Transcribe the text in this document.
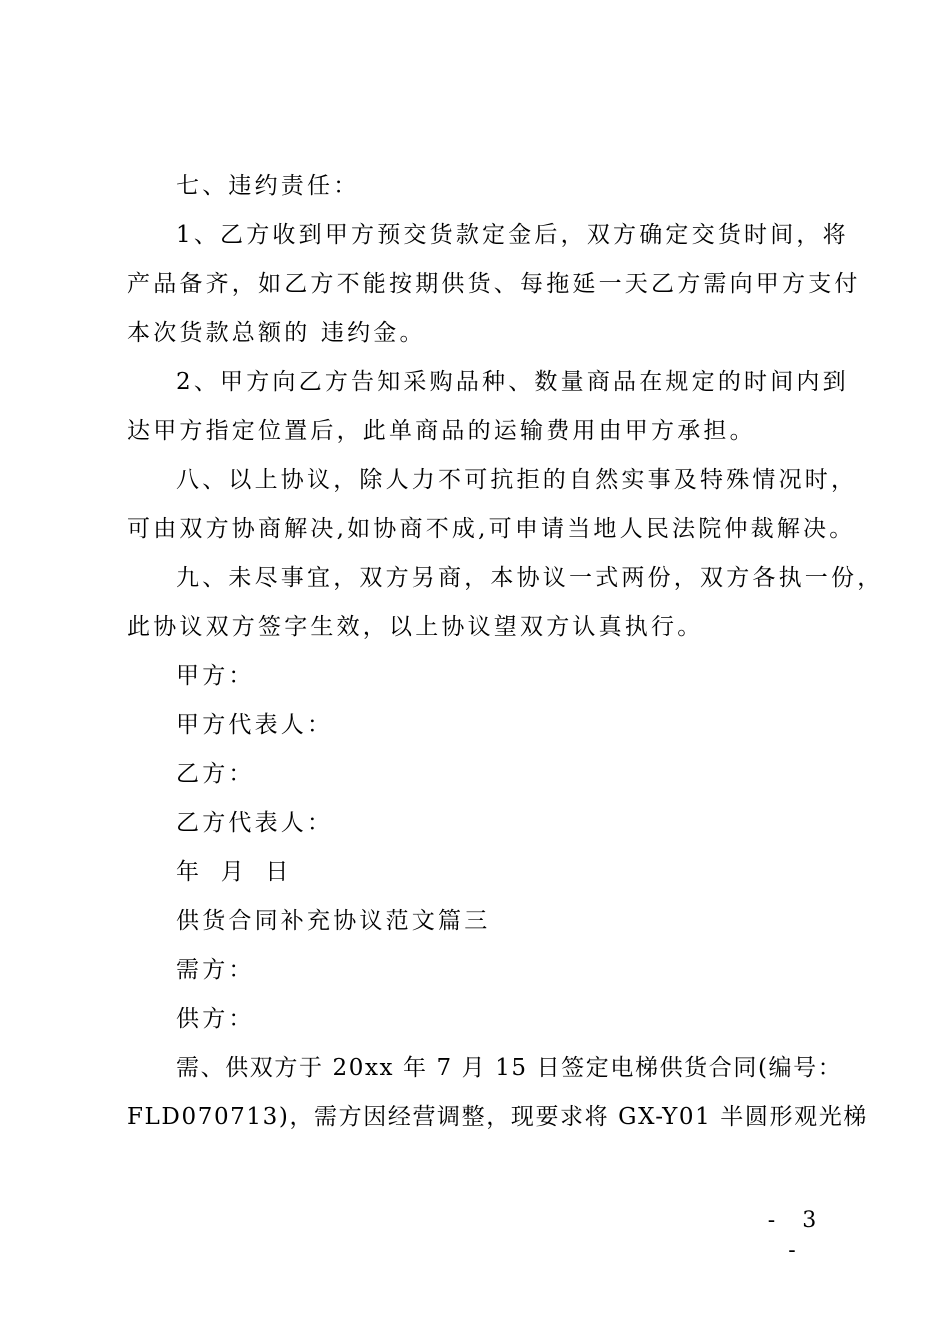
七、违约责任：
1、乙方收到甲方预交货款定金后，双方确定交货时间，将
产品备齐，如乙方不能按期供货、每拖延一天乙方需向甲方支付
本次货款总额的 违约金。
2、甲方向乙方告知采购品种、数量商品在规定的时间内到
达甲方指定位置后，此单商品的运输费用由甲方承担。
八、以上协议，除人力不可抗拒的自然实事及特殊情况时，
可由双方协商解决,如协商不成,可申请当地人民法院仲裁解决。
九、未尽事宜，双方另商，本协议一式两份，双方各执一份，
此协议双方签字生效，以上协议望双方认真执行。
甲方：
甲方代表人：
乙方：
乙方代表人：
年 月 日
供货合同补充协议范文篇三
需方：
供方：
需、供双方于 20xx 年 7 月 15 日签定电梯供货合同(编号：
FLD070713)，需方因经营调整，现要求将 GX-Y01 半圆形观光梯
- 3 -
